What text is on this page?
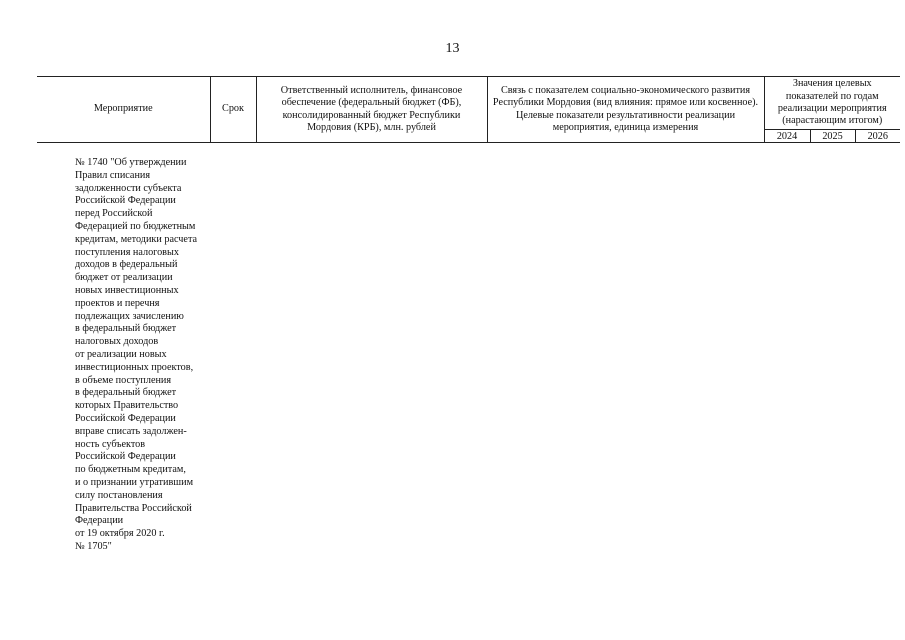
13
Мероприятие	Срок	Ответственный исполнитель, финансовое обеспечение (федеральный бюджет (ФБ), консолидированный бюджет Республики Мордовия (КРБ), млн. рублей	Связь с показателем социально-экономического развития Республики Мордовия (вид влияния: прямое или косвенное). Целевые показатели результативности реализации мероприятия, единица измерения	Значения целевых показателей по годам реализации мероприятия (нарастающим итогом)		
				2024	2025	2026
№ 1740 "Об утверждении
Правил списания
задолженности субъекта
Российской Федерации
перед Российской
Федерацией по бюджетным
кредитам, методики расчета
поступления налоговых
доходов в федеральный
бюджет от реализации
новых инвестиционных
проектов и перечня
подлежащих зачислению
в федеральный бюджет
налоговых доходов
от реализации новых
инвестиционных проектов,
в объеме поступления
в федеральный бюджет
которых Правительство
Российской Федерации
вправе списать задолжен-
ность субъектов
Российской Федерации
по бюджетным кредитам,
и о признании утратившим
силу постановления
Правительства Российской
Федерации
от 19 октября 2020 г.
№ 1705"
